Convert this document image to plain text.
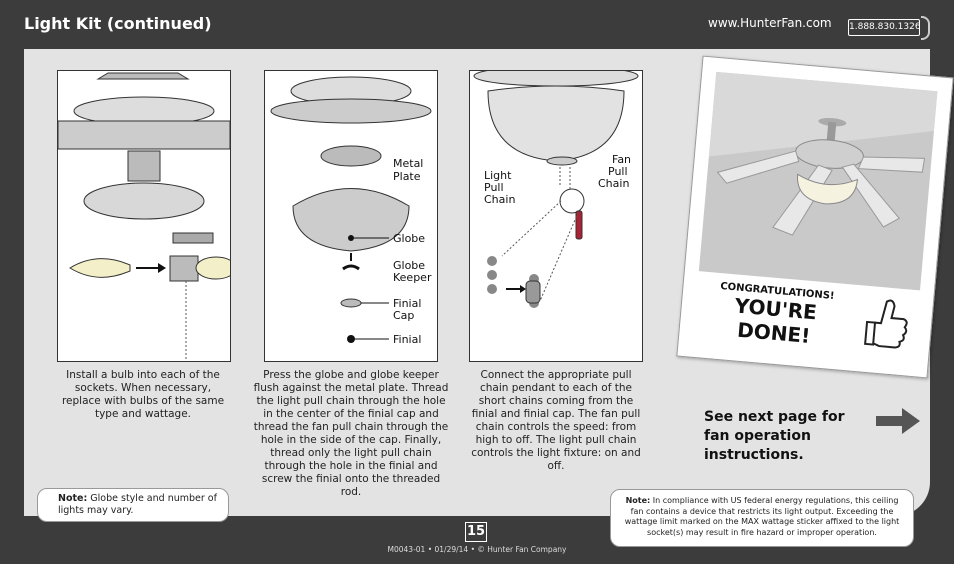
Light Kit (continued)	www.HunterFan.com 1.888.830.1326
Metal
Plate
Globe
Globe
Keeper
Finial
Cap
Finial
Light
Pull
Chain
Fan
Pull
Chain
Install a bulb into each of the sockets. When necessary, replace with bulbs of the same type and wattage.
Press the globe and globe keeper flush against the metal plate. Thread the light pull chain through the hole in the center of the finial cap and thread the fan pull chain through the hole in the side of the cap. Finally, thread only the light pull chain through the hole in the finial and screw the finial onto the threaded rod.
Connect the appropriate pull chain pendant to each of the short chains coming from the finial and finial cap. The fan pull chain controls the speed: from high to off. The light pull chain controls the light fixture: on and off.
CONGRATULATIONS!
YOU'RE DONE!
See next page for fan operation instructions.
Note: Globe style and number of lights may vary.
Note: In compliance with US federal energy regulations, this ceiling fan contains a device that restricts its light output. Exceeding the wattage limit marked on the MAX wattage sticker affixed to the light socket(s) may result in fire hazard or improper operation.
15
M0043-01 • 01/29/14 • © Hunter Fan Company
